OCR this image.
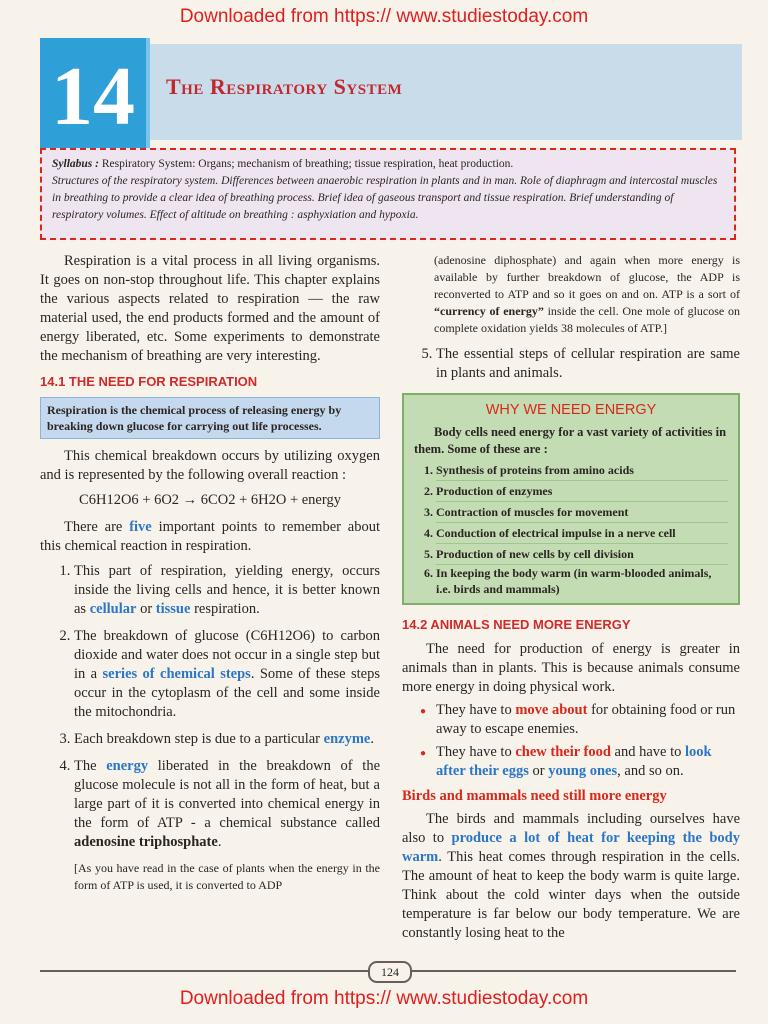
Downloaded from https:// www.studiestoday.com
14	The Respiratory System
Syllabus : Respiratory System: Organs; mechanism of breathing; tissue respiration, heat production.
Structures of the respiratory system. Differences between anaerobic respiration in plants and in man. Role of diaphragm and intercostal muscles in breathing to provide a clear idea of breathing process. Brief idea of gaseous transport and tissue respiration. Brief understanding of respiratory volumes. Effect of altitude on breathing : asphyxiation and hypoxia.

Respiration is a vital process in all living organisms. It goes on non-stop throughout life. This chapter explains the various aspects related to respiration — the raw material used, the end products formed and the amount of energy liberated, etc. Some experiments to demonstrate the mechanism of breathing are very interesting.

14.1 THE NEED FOR RESPIRATION
Respiration is the chemical process of releasing energy by breaking down glucose for carrying out life processes.

This chemical breakdown occurs by utilizing oxygen and is represented by the following overall reaction :

C6H12O6 + 6O2 → 6CO2 + 6H2O + energy

There are five important points to remember about this chemical reaction in respiration.

1. This part of respiration, yielding energy, occurs inside the living cells and hence, it is better known as cellular or tissue respiration.
2. The breakdown of glucose (C6H12O6) to carbon dioxide and water does not occur in a single step but in a series of chemical steps. Some of these steps occur in the cytoplasm of the cell and some inside the mitochondria.
3. Each breakdown step is due to a particular enzyme.
4. The energy liberated in the breakdown of the glucose molecule is not all in the form of heat, but a large part of it is converted into chemical energy in the form of ATP - a chemical substance called adenosine triphosphate.

[As you have read in the case of plants when the energy in the form of ATP is used, it is converted to ADP

(adenosine diphosphate) and again when more energy is available by further breakdown of glucose, the ADP is reconverted to ATP and so it goes on and on. ATP is a sort of “currency of energy” inside the cell. One mole of glucose on complete oxidation yields 38 molecules of ATP.]

5. The essential steps of cellular respiration are same in plants and animals.
WHY WE NEED ENERGY

Body cells need energy for a vast variety of activities in them. Some of these are :

1. Synthesis of proteins from amino acids
2. Production of enzymes
3. Contraction of muscles for movement
4. Conduction of electrical impulse in a nerve cell
5. Production of new cells by cell division
6. In keeping the body warm (in warm-blooded animals, i.e. birds and mammals)
14.2 ANIMALS NEED MORE ENERGY

The need for production of energy is greater in animals than in plants. This is because animals consume more energy in doing physical work.

● They have to move about for obtaining food or run away to escape enemies.
● They have to chew their food and have to look after their eggs or young ones, and so on.
Birds and mammals need still more energy

The birds and mammals including ourselves have also to produce a lot of heat for keeping the body warm. This heat comes through respiration in the cells. The amount of heat to keep the body warm is quite large. Think about the cold winter days when the outside temperature is far below our body temperature. We are constantly losing heat to the

124
Downloaded from https:// www.studiestoday.com
